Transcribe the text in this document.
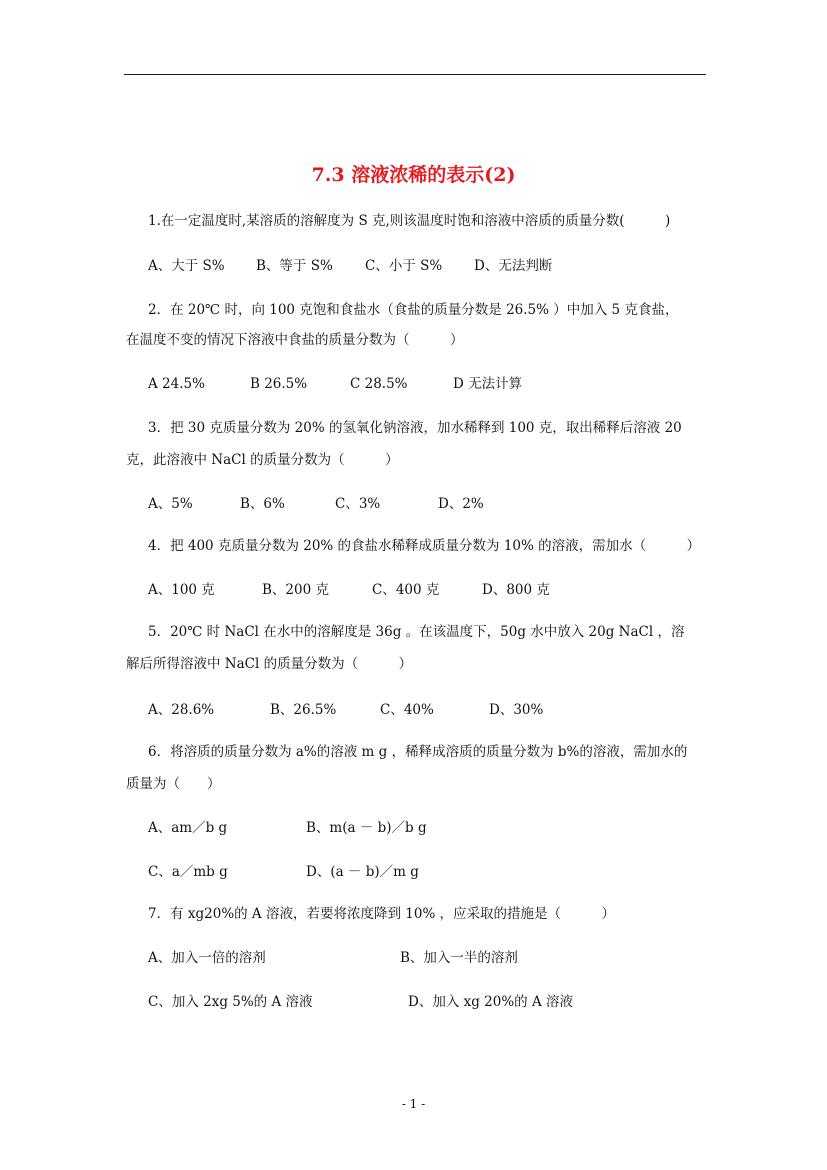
7.3 溶液浓稀的表示(2)
1.在一定温度时,某溶质的溶解度为 S 克,则该温度时饱和溶液中溶质的质量分数(　　　)
A、大于 S% B、等于 S% C、小于 S% D、无法判断
2．在 20℃ 时，向 100 克饱和食盐水（食盐的质量分数是 26.5% ）中加入 5 克食盐，
在温度不变的情况下溶液中食盐的质量分数为（　　　）
A 24.5%	B 26.5%	C 28.5%	D 无法计算
3．把 30 克质量分数为 20% 的氢氧化钠溶液，加水稀释到 100 克，取出稀释后溶液 20
克，此溶液中 NaCl 的质量分数为（　　　）
A、5%	B、6%	C、3%	D、2%
4．把 400 克质量分数为 20% 的食盐水稀释成质量分数为 10% 的溶液，需加水（　　　）
A、100 克	B、200 克	C、400 克	D、800 克
5．20℃ 时 NaCl 在水中的溶解度是 36g 。在该温度下，50g 水中放入 20g NaCl ，溶
解后所得溶液中 NaCl 的质量分数为（　　　）
A、28.6%	B、26.5%	C、40%	D、30%
6．将溶质的质量分数为 a%的溶液 m g ，稀释成溶质的质量分数为 b%的溶液，需加水的
质量为（　　）
A、am／b g	B、m(a － b)／b g
C、a／mb g	D、(a － b)／m g
7．有 xg20%的 A 溶液，若要将浓度降到 10% ，应采取的措施是（　　　）
A、加入一倍的溶剂	B、加入一半的溶剂
C、加入 2xg 5%的 A 溶液	D、加入 xg 20%的 A 溶液
- 1 -
